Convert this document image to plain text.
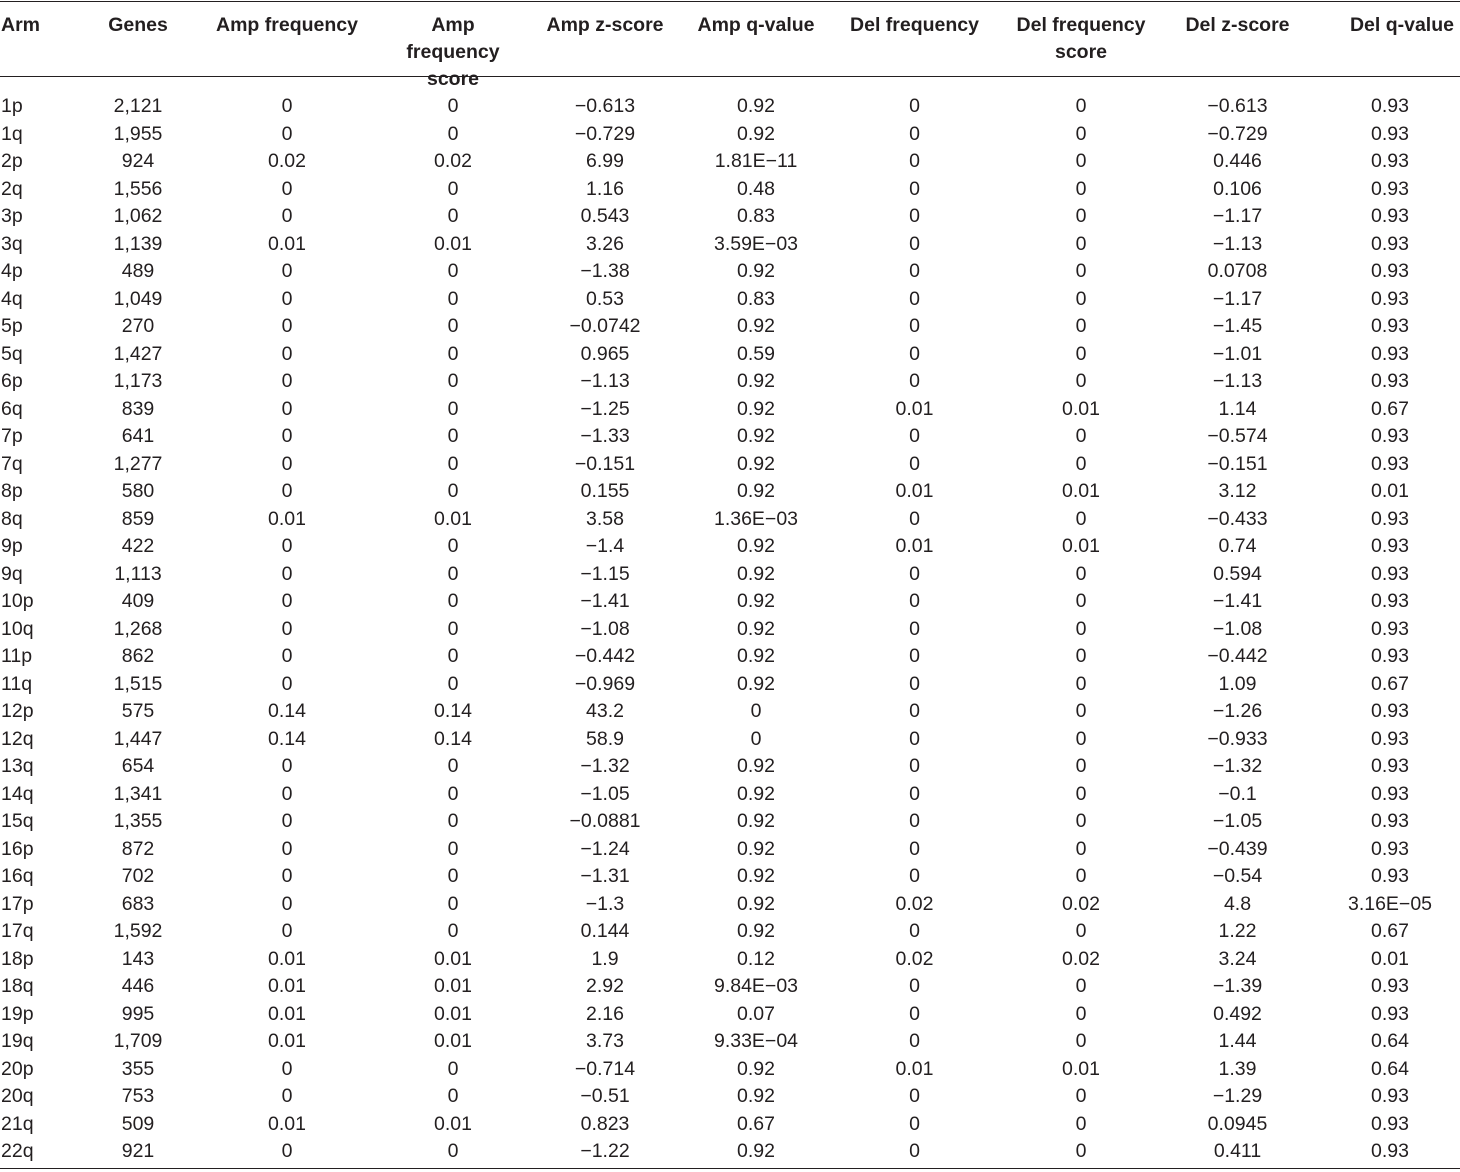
Arm	Genes	Amp frequency	Amp frequency score	Amp z-score	Amp q-value	Del frequency	Del frequency score	Del z-score	Del q-value
1p	2,121	0	0	−0.613	0.92	0	0	−0.613	0.93
1q	1,955	0	0	−0.729	0.92	0	0	−0.729	0.93
2p	924	0.02	0.02	6.99	1.81E−11	0	0	0.446	0.93
2q	1,556	0	0	1.16	0.48	0	0	0.106	0.93
3p	1,062	0	0	0.543	0.83	0	0	−1.17	0.93
3q	1,139	0.01	0.01	3.26	3.59E−03	0	0	−1.13	0.93
4p	489	0	0	−1.38	0.92	0	0	0.0708	0.93
4q	1,049	0	0	0.53	0.83	0	0	−1.17	0.93
5p	270	0	0	−0.0742	0.92	0	0	−1.45	0.93
5q	1,427	0	0	0.965	0.59	0	0	−1.01	0.93
6p	1,173	0	0	−1.13	0.92	0	0	−1.13	0.93
6q	839	0	0	−1.25	0.92	0.01	0.01	1.14	0.67
7p	641	0	0	−1.33	0.92	0	0	−0.574	0.93
7q	1,277	0	0	−0.151	0.92	0	0	−0.151	0.93
8p	580	0	0	0.155	0.92	0.01	0.01	3.12	0.01
8q	859	0.01	0.01	3.58	1.36E−03	0	0	−0.433	0.93
9p	422	0	0	−1.4	0.92	0.01	0.01	0.74	0.93
9q	1,113	0	0	−1.15	0.92	0	0	0.594	0.93
10p	409	0	0	−1.41	0.92	0	0	−1.41	0.93
10q	1,268	0	0	−1.08	0.92	0	0	−1.08	0.93
11p	862	0	0	−0.442	0.92	0	0	−0.442	0.93
11q	1,515	0	0	−0.969	0.92	0	0	1.09	0.67
12p	575	0.14	0.14	43.2	0	0	0	−1.26	0.93
12q	1,447	0.14	0.14	58.9	0	0	0	−0.933	0.93
13q	654	0	0	−1.32	0.92	0	0	−1.32	0.93
14q	1,341	0	0	−1.05	0.92	0	0	−0.1	0.93
15q	1,355	0	0	−0.0881	0.92	0	0	−1.05	0.93
16p	872	0	0	−1.24	0.92	0	0	−0.439	0.93
16q	702	0	0	−1.31	0.92	0	0	−0.54	0.93
17p	683	0	0	−1.3	0.92	0.02	0.02	4.8	3.16E−05
17q	1,592	0	0	0.144	0.92	0	0	1.22	0.67
18p	143	0.01	0.01	1.9	0.12	0.02	0.02	3.24	0.01
18q	446	0.01	0.01	2.92	9.84E−03	0	0	−1.39	0.93
19p	995	0.01	0.01	2.16	0.07	0	0	0.492	0.93
19q	1,709	0.01	0.01	3.73	9.33E−04	0	0	1.44	0.64
20p	355	0	0	−0.714	0.92	0.01	0.01	1.39	0.64
20q	753	0	0	−0.51	0.92	0	0	−1.29	0.93
21q	509	0.01	0.01	0.823	0.67	0	0	0.0945	0.93
22q	921	0	0	−1.22	0.92	0	0	0.411	0.93
